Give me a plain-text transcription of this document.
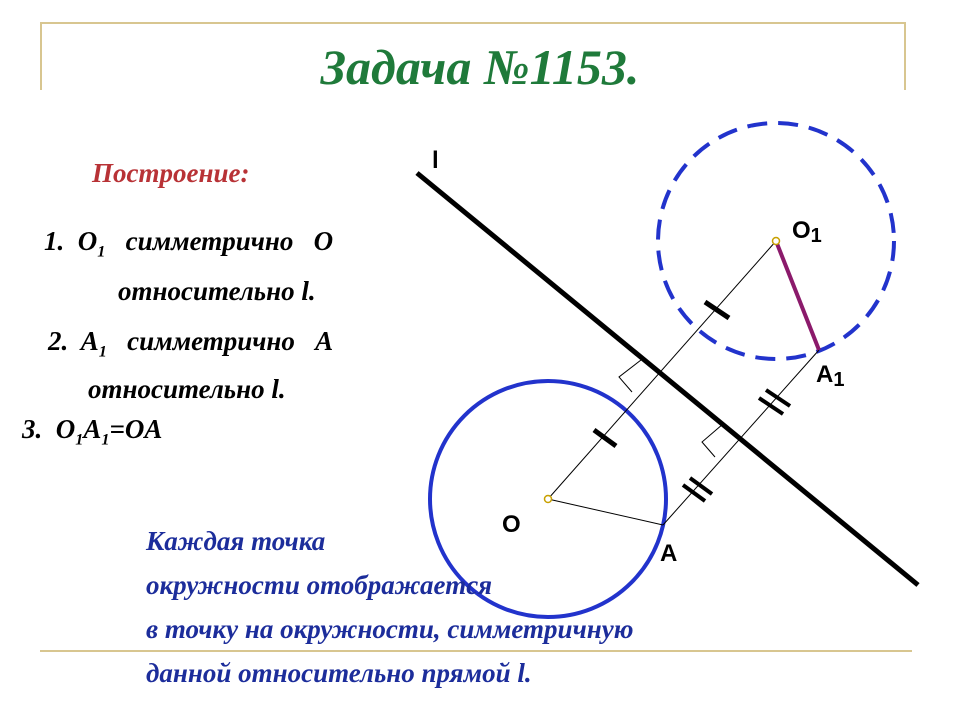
Задача №1153.
Построение:
1. $O_1$ симметрично O
относительно l.
2. $A_1$ симметрично A
относительно l.
3. $O_1A_1=OA$
l
O
A
O1
A1
Каждая точка
окружности отображается
в точку на окружности, симметричную
данной относительно прямой l.
